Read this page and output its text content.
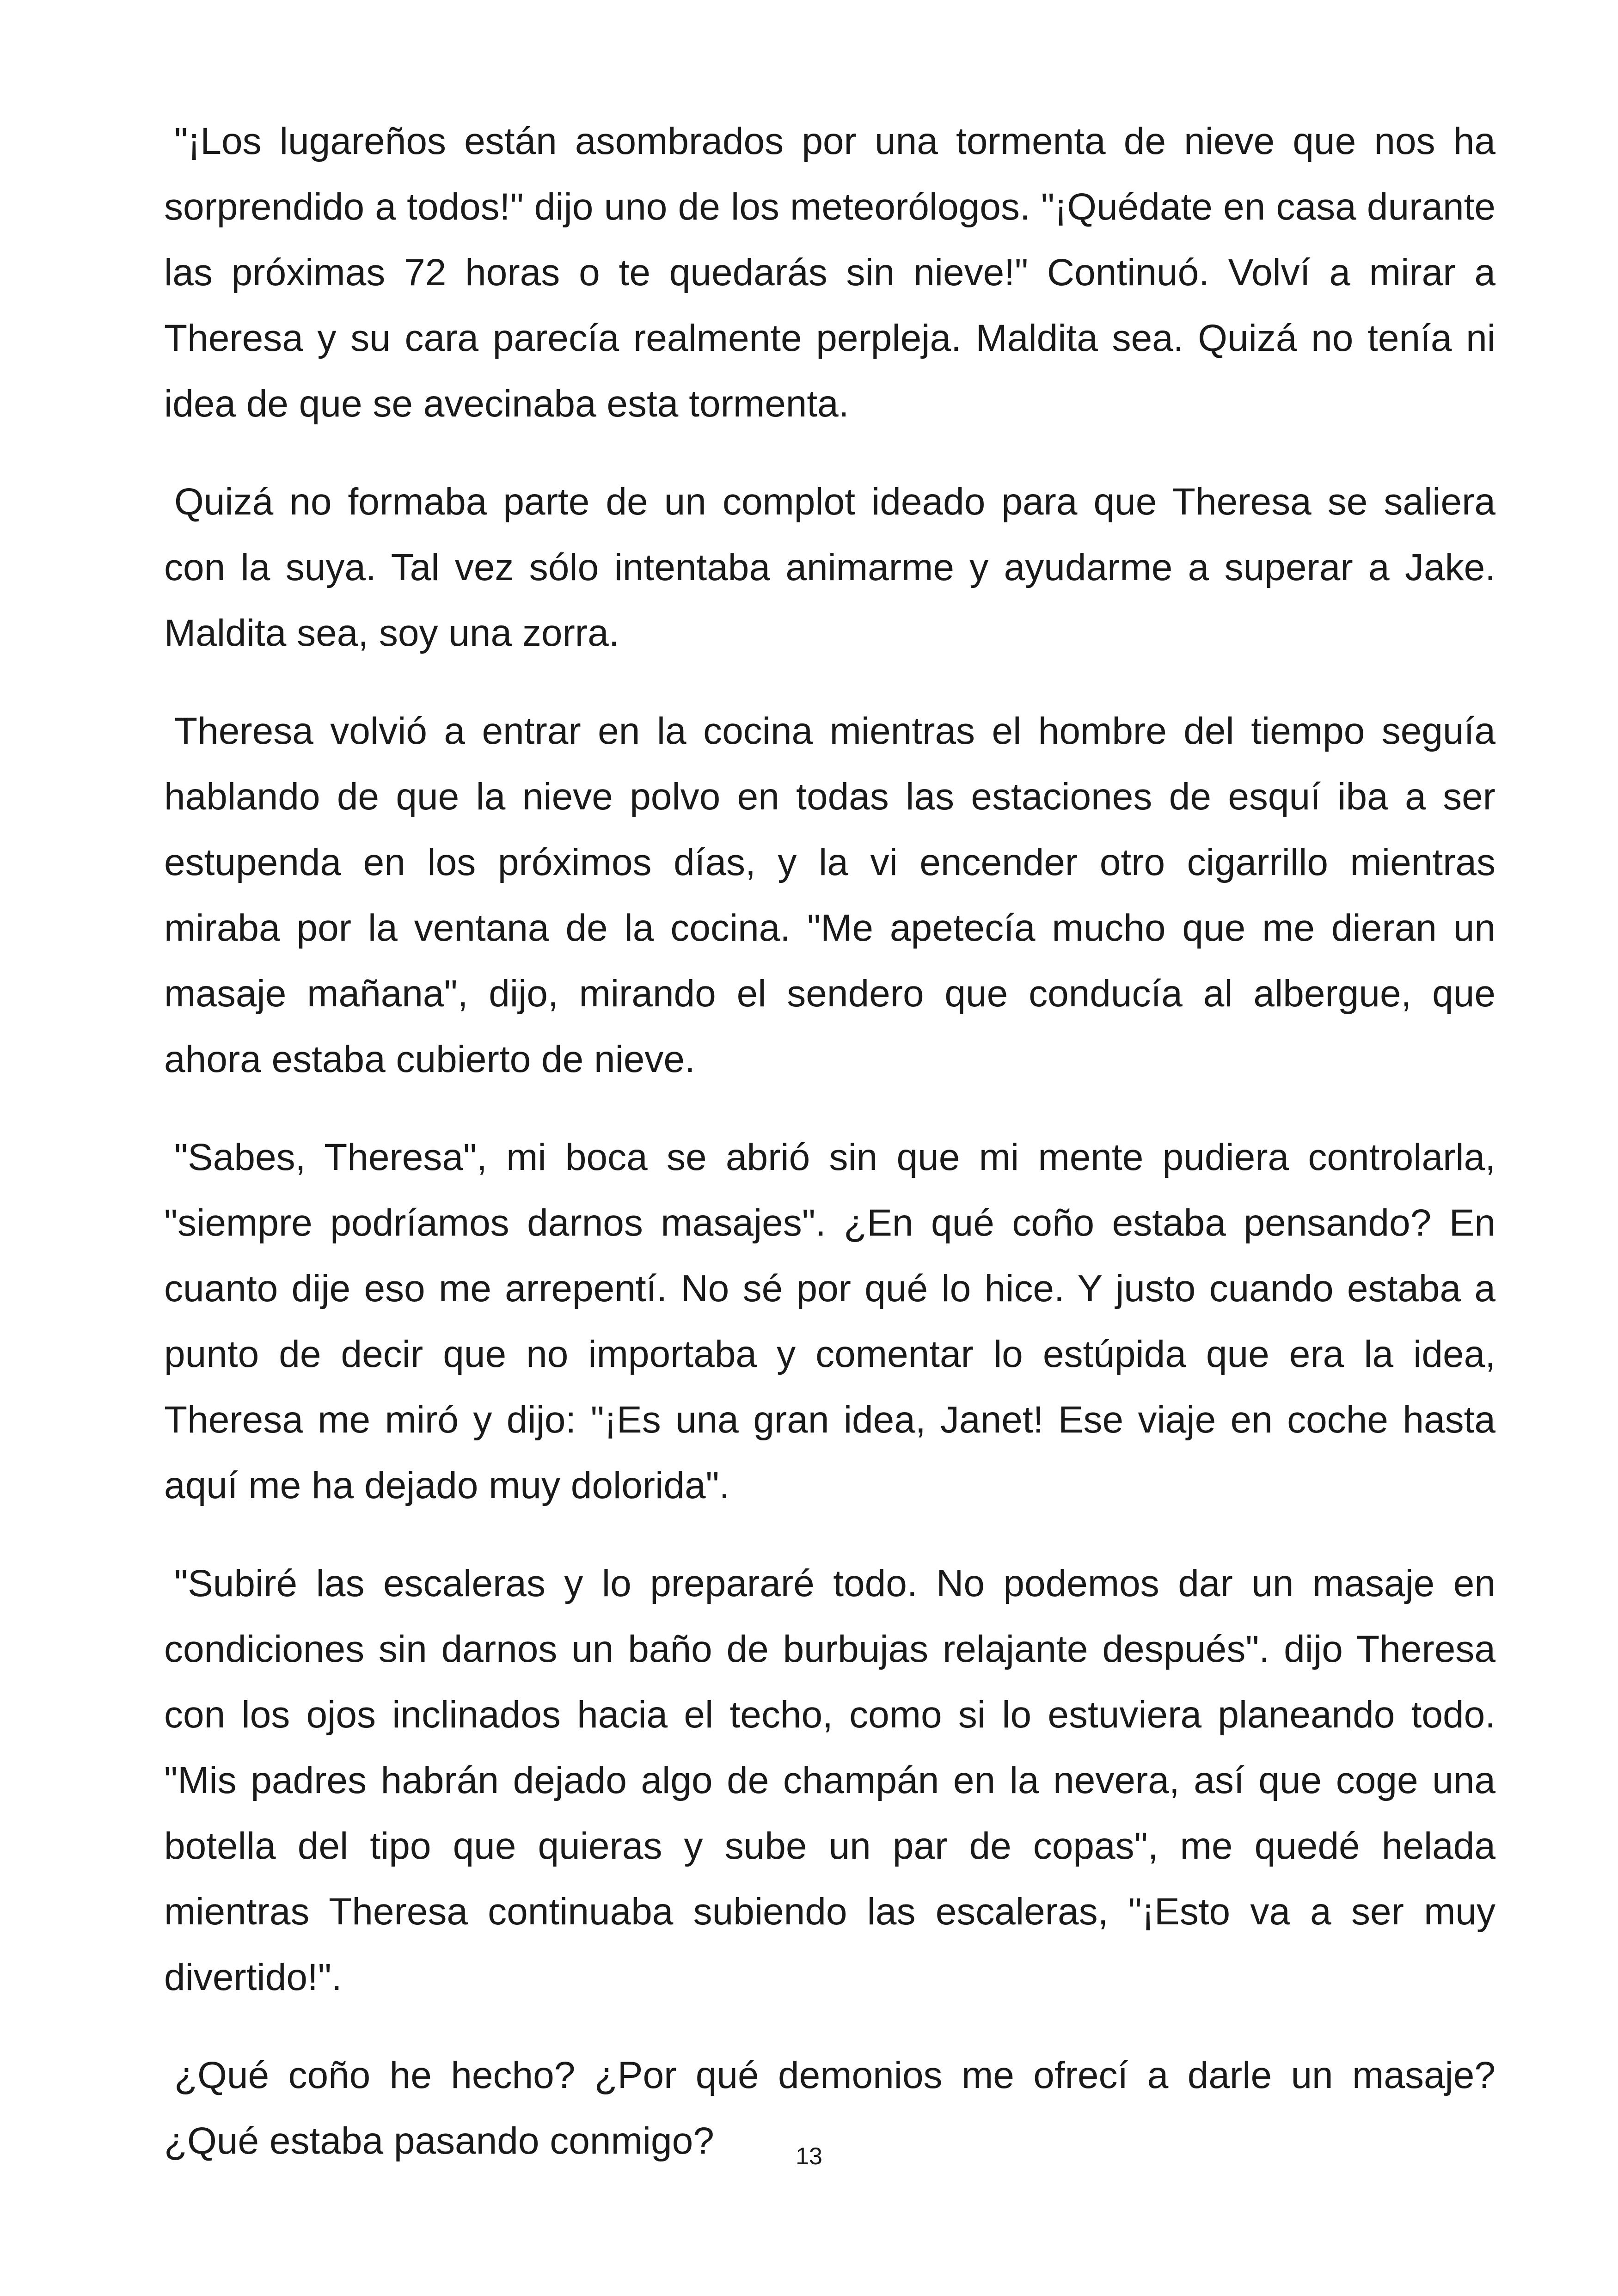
"¡Los lugareños están asombrados por una tormenta de nieve que nos ha sorprendido a todos!" dijo uno de los meteorólogos. "¡Quédate en casa durante las próximas 72 horas o te quedarás sin nieve!" Continuó. Volví a mirar a Theresa y su cara parecía realmente perpleja. Maldita sea. Quizá no tenía ni idea de que se avecinaba esta tormenta.

Quizá no formaba parte de un complot ideado para que Theresa se saliera con la suya. Tal vez sólo intentaba animarme y ayudarme a superar a Jake. Maldita sea, soy una zorra.

Theresa volvió a entrar en la cocina mientras el hombre del tiempo seguía hablando de que la nieve polvo en todas las estaciones de esquí iba a ser estupenda en los próximos días, y la vi encender otro cigarrillo mientras miraba por la ventana de la cocina. "Me apetecía mucho que me dieran un masaje mañana", dijo, mirando el sendero que conducía al albergue, que ahora estaba cubierto de nieve.

"Sabes, Theresa", mi boca se abrió sin que mi mente pudiera controlarla, "siempre podríamos darnos masajes". ¿En qué coño estaba pensando? En cuanto dije eso me arrepentí. No sé por qué lo hice. Y justo cuando estaba a punto de decir que no importaba y comentar lo estúpida que era la idea, Theresa me miró y dijo: "¡Es una gran idea, Janet! Ese viaje en coche hasta aquí me ha dejado muy dolorida".

"Subiré las escaleras y lo prepararé todo. No podemos dar un masaje en condiciones sin darnos un baño de burbujas relajante después". dijo Theresa con los ojos inclinados hacia el techo, como si lo estuviera planeando todo. "Mis padres habrán dejado algo de champán en la nevera, así que coge una botella del tipo que quieras y sube un par de copas", me quedé helada mientras Theresa continuaba subiendo las escaleras, "¡Esto va a ser muy divertido!".

¿Qué coño he hecho? ¿Por qué demonios me ofrecí a darle un masaje? ¿Qué estaba pasando conmigo?	13
